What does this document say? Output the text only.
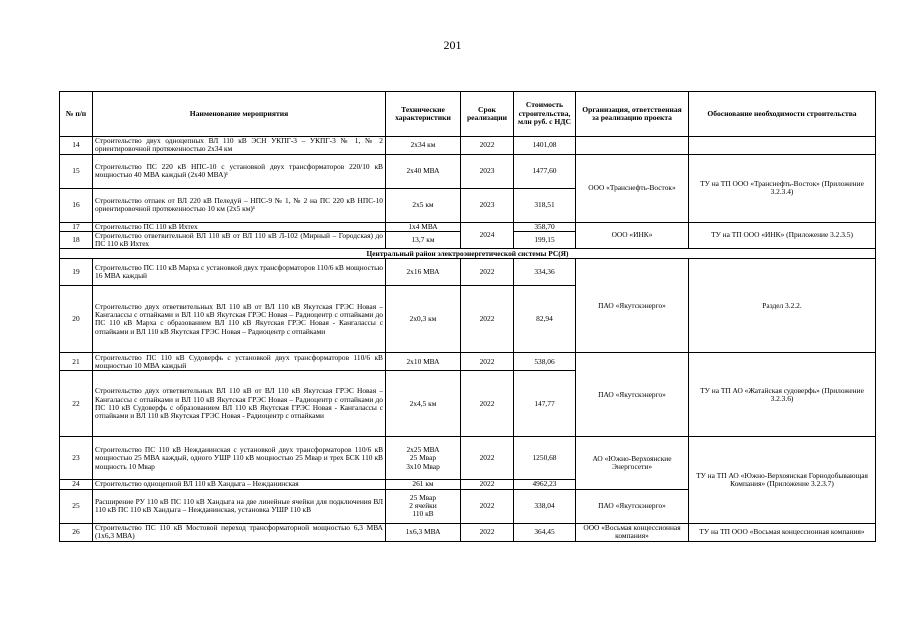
201
№ п/п	Наименование мероприятия	Технические характеристики	Срок реализации	Стоимость строительства, млн руб. с НДС	Организация, ответственная за реализацию проекта	Обоснование необходимости строительства
14	Строительство двух одноцепных ВЛ 110 кВ ЭСН УКПГ-3 – УКПГ-3 № 1, № 2 ориентировочной протяженностью 2х34 км	2х34 км	2022	1401,08		
15	Строительство ПС 220 кВ НПС-10 с установкой двух трансформаторов 220/10 кВ мощностью 40 МВА каждый (2х40 МВА)¹	2х40 МВА	2023	1477,60	ООО «Транснефть-Восток»	ТУ на ТП ООО «Транснефть-Восток» (Приложение 3.2.3.4)
16	Строительство отпаек от ВЛ 220 кВ Пеледуй – НПС-9 № 1, № 2 на ПС 220 кВ НПС-10 ориентировочной протяженностью 10 км (2х5 км)¹	2х5 км	2023	318,51		
17	Строительство ПС 110 кВ Ихтех	1х4 МВА	2024	358,70	ООО «ИНК»	ТУ на ТП ООО «ИНК» (Приложение 3.2.3.5)
18	Строительство ответвительной ВЛ 110 кВ от ВЛ 110 кВ Л-102 (Мирный – Городская) до ПС 110 кВ Ихтех	13,7 км		199,15		
Центральный район электроэнергетической системы РС(Я)						
19	Строительство ПС 110 кВ Марха с установкой двух трансформаторов 110/6 кВ мощностью 16 МВА каждый	2х16 МВА	2022	334,36	ПАО «Якутскэнерго»	Раздел 3.2.2.
20	Строительство двух ответвительных ВЛ 110 кВ от ВЛ 110 кВ Якутская ГРЭС Новая – Кангаласcы с отпайками и ВЛ 110 кВ Якутская ГРЭС Новая – Радиоцентр с отпайками до ПС 110 кВ Марха с образованием ВЛ 110 кВ Якутская ГРЭС Новая - Кангаласcы с отпайками и ВЛ 110 кВ Якутская ГРЭС Новая – Радиоцентр с отпайками	2х0,3 км	2022	82,94		
21	Строительство ПС 110 кВ Судоверфь с установкой двух трансформаторов 110/6 кВ мощностью 10 МВА каждый	2х10 МВА	2022	538,06	ПАО «Якутскэнерго»	ТУ на ТП АО «Жатайская судоверфь» (Приложение 3.2.3.6)
22	Строительство двух ответвительных ВЛ 110 кВ от ВЛ 110 кВ Якутская ГРЭС Новая – Кангаласcы с отпайками и ВЛ 110 кВ Якутская ГРЭС Новая – Радиоцентр с отпайками до ПС 110 кВ Судоверфь с образованием ВЛ 110 кВ Якутская ГРЭС Новая - Кангаласcы с отпайками и ВЛ 110 кВ Якутская ГРЭС Новая - Радиоцентр с отпайками	2х4,5 км	2022	147,77		
23	Строительство ПС 110 кВ Нежданинская с установкой двух трансформаторов 110/6 кВ мощностью 25 МВА каждый, одного УШР 110 кВ мощностью 25 Мвар и трех БСК 110 кВ мощность 10 Мвар	2х25 МВА
25 Мвар
3х10 Мвар	2022	1250,68	АО «Южно-Верхоянские Энергосети»	ТУ на ТП АО «Южно-Верхоянская Горнодобывающая Компания» (Приложение 3.2.3.7)
24	Строительство одноцепной ВЛ 110 кВ Хандыга – Нежданинская	261 км	2022	4962,23		
25	Расширение РУ 110 кВ ПС 110 кВ Хандыга на две линейные ячейки для подключения ВЛ 110 кВ ПС 110 кВ Хандыга – Нежданинская, установка УШР 110 кВ	25 Мвар
2 ячейки
110 кВ	2022	338,04	ПАО «Якутскэнерго»	
26	Строительство ПС 110 кВ Мостовой переход трансформаторной мощностью 6,3 МВА (1х6,3 МВА)	1х6,3 МВА	2022	364,45	ООО «Восьмая концессионная компания»	ТУ на ТП ООО «Восьмая концессионная компания»
